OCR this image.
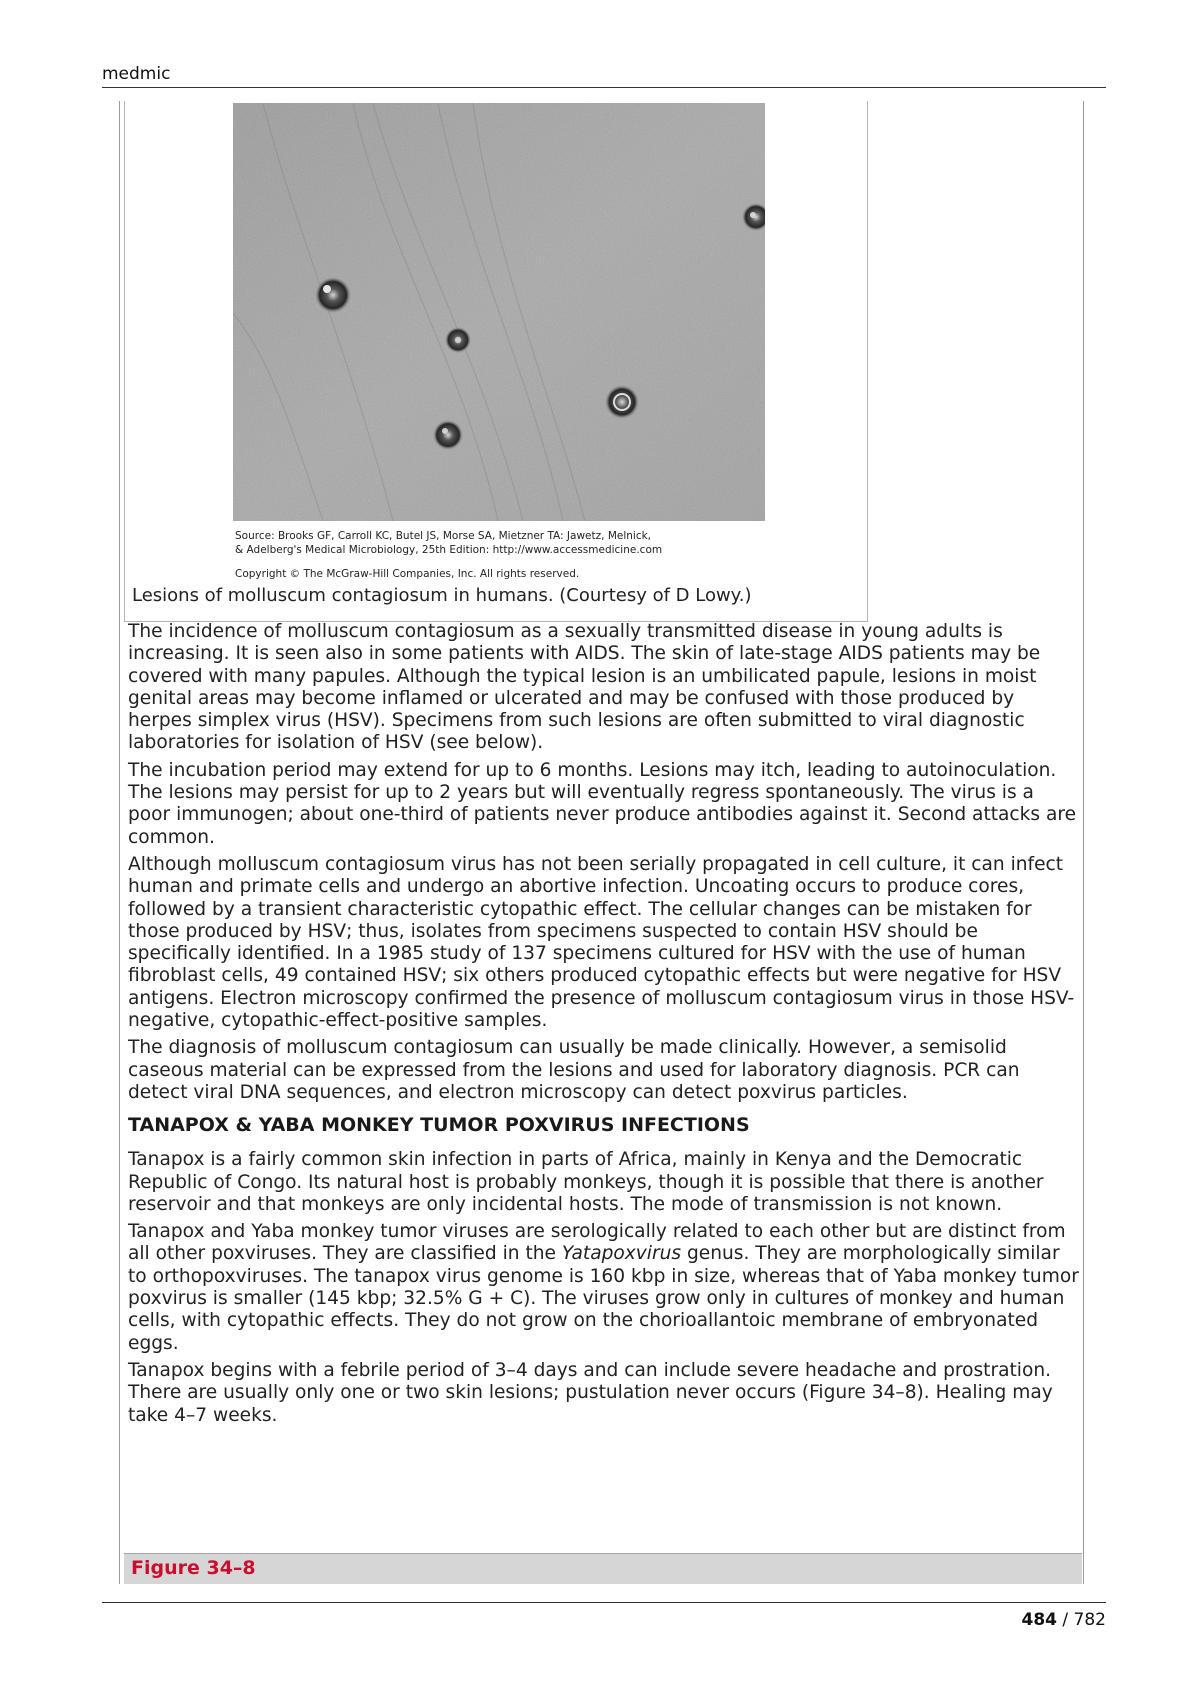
medmic
Source: Brooks GF, Carroll KC, Butel JS, Morse SA, Mietzner TA: Jawetz, Melnick,
& Adelberg's Medical Microbiology, 25th Edition: http://www.accessmedicine.com
Copyright © The McGraw-Hill Companies, Inc. All rights reserved.
Lesions of molluscum contagiosum in humans. (Courtesy of D Lowy.)

The incidence of molluscum contagiosum as a sexually transmitted disease in young adults is increasing. It is seen also in some patients with AIDS. The skin of late-stage AIDS patients may be covered with many papules. Although the typical lesion is an umbilicated papule, lesions in moist genital areas may become inflamed or ulcerated and may be confused with those produced by herpes simplex virus (HSV). Specimens from such lesions are often submitted to viral diagnostic laboratories for isolation of HSV (see below).

The incubation period may extend for up to 6 months. Lesions may itch, leading to autoinoculation. The lesions may persist for up to 2 years but will eventually regress spontaneously. The virus is a poor immunogen; about one-third of patients never produce antibodies against it. Second attacks are common.

Although molluscum contagiosum virus has not been serially propagated in cell culture, it can infect human and primate cells and undergo an abortive infection. Uncoating occurs to produce cores, followed by a transient characteristic cytopathic effect. The cellular changes can be mistaken for those produced by HSV; thus, isolates from specimens suspected to contain HSV should be specifically identified. In a 1985 study of 137 specimens cultured for HSV with the use of human fibroblast cells, 49 contained HSV; six others produced cytopathic effects but were negative for HSV antigens. Electron microscopy confirmed the presence of molluscum contagiosum virus in those HSV-negative, cytopathic-effect-positive samples.

The diagnosis of molluscum contagiosum can usually be made clinically. However, a semisolid caseous material can be expressed from the lesions and used for laboratory diagnosis. PCR can detect viral DNA sequences, and electron microscopy can detect poxvirus particles.

TANAPOX & YABA MONKEY TUMOR POXVIRUS INFECTIONS

Tanapox is a fairly common skin infection in parts of Africa, mainly in Kenya and the Democratic Republic of Congo. Its natural host is probably monkeys, though it is possible that there is another reservoir and that monkeys are only incidental hosts. The mode of transmission is not known.

Tanapox and Yaba monkey tumor viruses are serologically related to each other but are distinct from all other poxviruses. They are classified in the Yatapoxvirus genus. They are morphologically similar to orthopoxviruses. The tanapox virus genome is 160 kbp in size, whereas that of Yaba monkey tumor poxvirus is smaller (145 kbp; 32.5% G + C). The viruses grow only in cultures of monkey and human cells, with cytopathic effects. They do not grow on the chorioallantoic membrane of embryonated eggs.

Tanapox begins with a febrile period of 3–4 days and can include severe headache and prostration. There are usually only one or two skin lesions; pustulation never occurs (Figure 34–8). Healing may take 4–7 weeks.

Figure 34–8
484 / 782
